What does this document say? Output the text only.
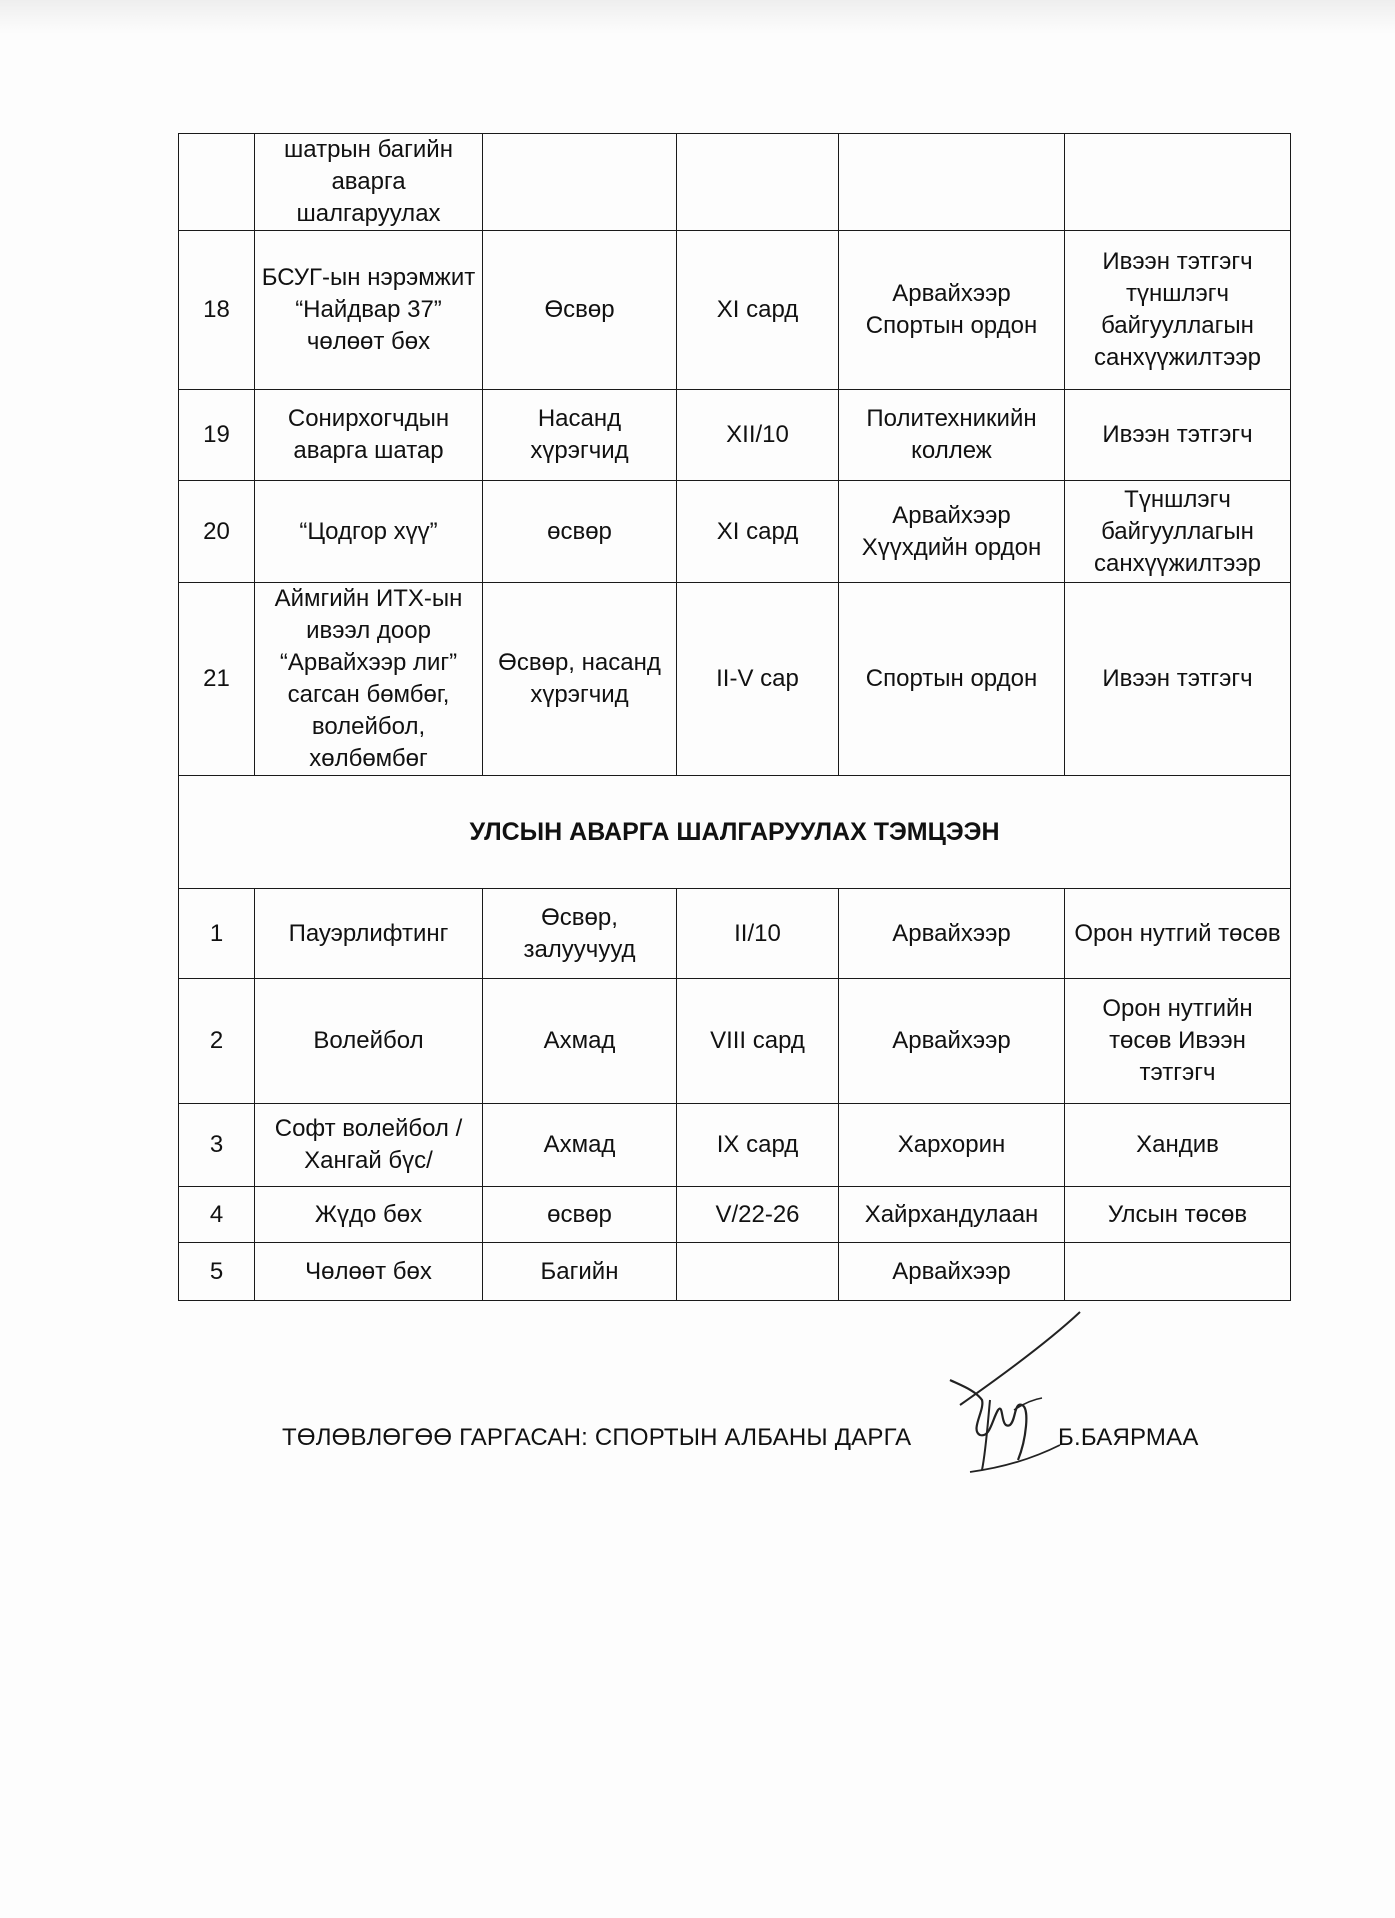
	шатрын багийн аварга шалгаруулах				
18	БСУГ-ын нэрэмжит “Найдвар 37” чөлөөт бөх	Өсвөр	XI сард	Арвайхээр Спортын ордон	Ивээн тэтгэгч түншлэгч байгууллагын санхүүжилтээр
19	Сонирхогчдын аварга шатар	Насанд хүрэгчид	XII/10	Политехникийн коллеж	Ивээн тэтгэгч
20	“Цодгор хүү”	өсвөр	XI сард	Арвайхээр Хүүхдийн ордон	Түншлэгч байгууллагын санхүүжилтээр
21	Аймгийн ИТХ-ын ивээл доор “Арвайхээр лиг” сагсан бөмбөг, волейбол, хөлбөмбөг	Өсвөр, насанд хүрэгчид	II-V сар	Спортын ордон	Ивээн тэтгэгч
УЛСЫН АВАРГА ШАЛГАРУУЛАХ ТЭМЦЭЭН					
1	Пауэрлифтинг	Өсвөр, залуучууд	II/10	Арвайхээр	Орон нутгий төсөв
2	Волейбол	Ахмад	VIII сард	Арвайхээр	Орон нутгийн төсөв Ивээн тэтгэгч
3	Софт волейбол /Хангай бүс/	Ахмад	IX сард	Хархорин	Хандив
4	Жүдо бөх	өсвөр	V/22-26	Хайрхандулаан	Улсын төсөв
5	Чөлөөт бөх	Багийн		Арвайхээр	
ТӨЛӨВЛӨГӨӨ ГАРГАСАН: СПОРТЫН АЛБАНЫ ДАРГА	Б.БАЯРМАА
